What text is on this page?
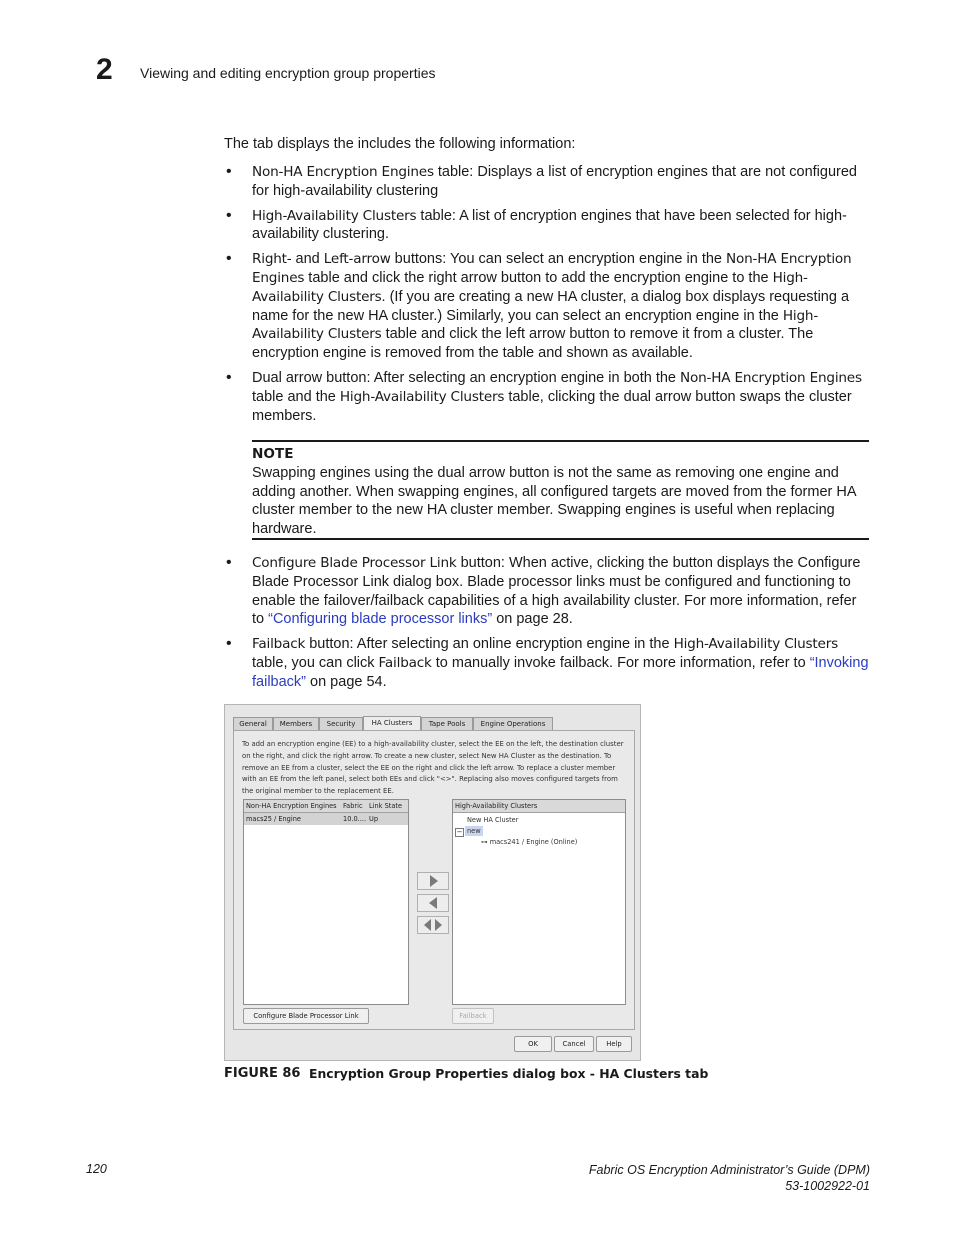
2 Viewing and editing encryption group properties
The tab displays the includes the following information:
• Non-HA Encryption Engines table: Displays a list of encryption engines that are not configured for high-availability clustering
• High-Availability Clusters table: A list of encryption engines that have been selected for high-availability clustering.
• Right- and Left-arrow buttons: You can select an encryption engine in the Non-HA Encryption Engines table and click the right arrow button to add the encryption engine to the High-Availability Clusters. (If you are creating a new HA cluster, a dialog box displays requesting a name for the new HA cluster.) Similarly, you can select an encryption engine in the High-Availability Clusters table and click the left arrow button to remove it from a cluster. The encryption engine is removed from the table and shown as available.
• Dual arrow button: After selecting an encryption engine in both the Non-HA Encryption Engines table and the High-Availability Clusters table, clicking the dual arrow button swaps the cluster members.
NOTE
Swapping engines using the dual arrow button is not the same as removing one engine and adding another. When swapping engines, all configured targets are moved from the former HA cluster member to the new HA cluster member. Swapping engines is useful when replacing hardware.
• Configure Blade Processor Link button: When active, clicking the button displays the Configure Blade Processor Link dialog box. Blade processor links must be configured and functioning to enable the failover/failback capabilities of a high availability cluster. For more information, refer to “Configuring blade processor links” on page 28.
• Failback button: After selecting an online encryption engine in the High-Availability Clusters table, you can click Failback to manually invoke failback. For more information, refer to “Invoking failback” on page 54.
General	Members	Security	HA Clusters	Tape Pools	Engine Operations
To add an encryption engine (EE) to a high-availability cluster, select the EE on the left, the destination cluster on the right, and click the right arrow. To create a new cluster, select New HA Cluster as the destination. To remove an EE from a cluster, select the EE on the right and click the left arrow. To replace a cluster member with an EE from the left panel, select both EEs and click "<>". Replacing also moves configured targets from the original member to the replacement EE.
Non-HA Encryption Engines Fabric Link State
macs25 / Engine	10.0.... Up
High-Availability Clusters
New HA Cluster
− new
⊶ macs241 / Engine (Online)
Configure Blade Processor Link	Failback
OK	Cancel	Help
FIGURE 86 Encryption Group Properties dialog box - HA Clusters tab
120	Fabric OS Encryption Administrator’s Guide (DPM)
53-1002922-01
